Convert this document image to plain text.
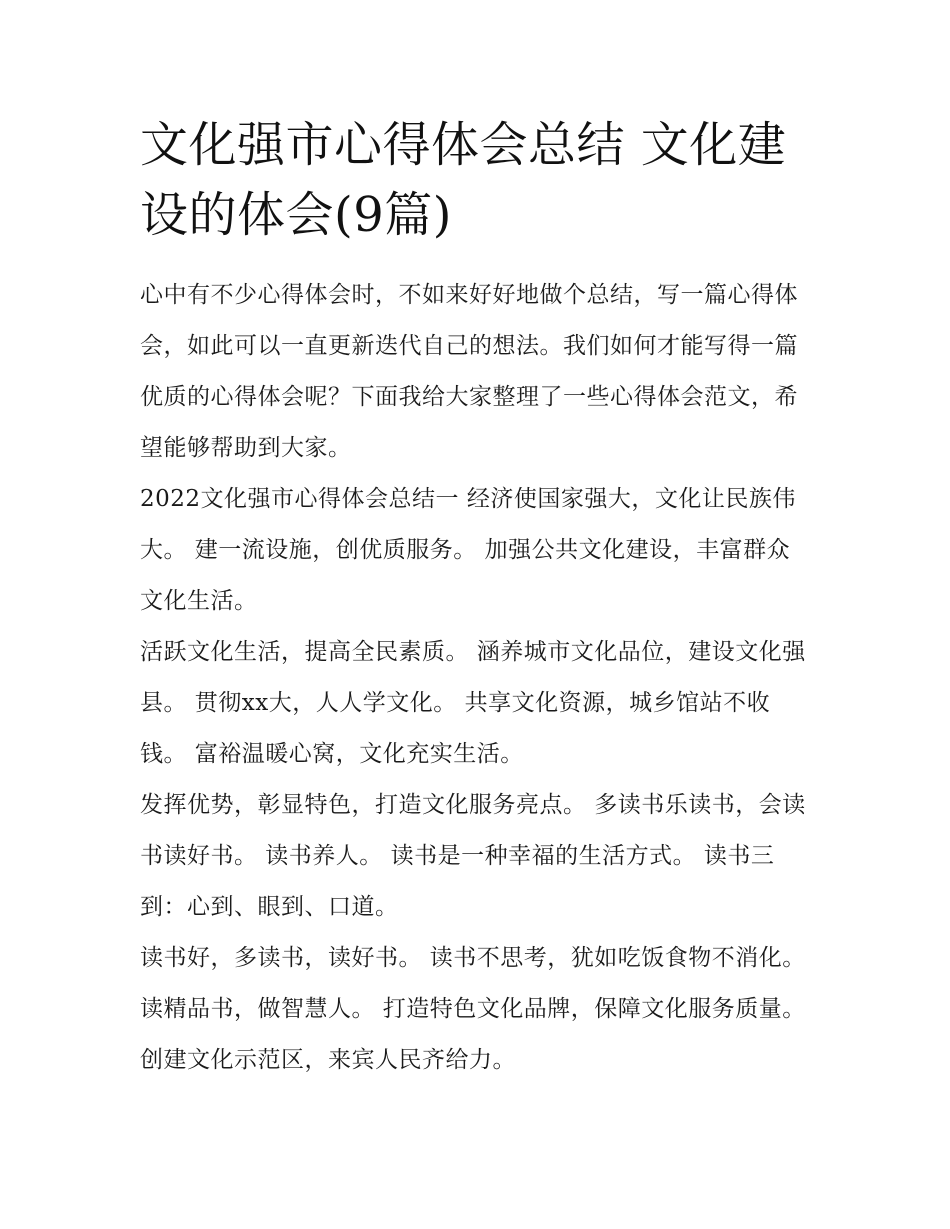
文化强市心得体会总结 文化建设的体会(9篇)

心中有不少心得体会时，不如来好好地做个总结，写一篇心得体会，如此可以一直更新迭代自己的想法。我们如何才能写得一篇优质的心得体会呢？下面我给大家整理了一些心得体会范文，希望能够帮助到大家。

2022文化强市心得体会总结一 经济使国家强大，文化让民族伟大。 建一流设施，创优质服务。 加强公共文化建设，丰富群众文化生活。

活跃文化生活，提高全民素质。 涵养城市文化品位，建设文化强县。 贯彻xx大，人人学文化。 共享文化资源，城乡馆站不收钱。 富裕温暖心窝，文化充实生活。

发挥优势，彰显特色，打造文化服务亮点。 多读书乐读书，会读书读好书。 读书养人。 读书是一种幸福的生活方式。 读书三到：心到、眼到、口道。

读书好，多读书，读好书。 读书不思考，犹如吃饭食物不消化。 读精品书，做智慧人。 打造特色文化品牌，保障文化服务质量。 创建文化示范区，来宾人民齐给力。
